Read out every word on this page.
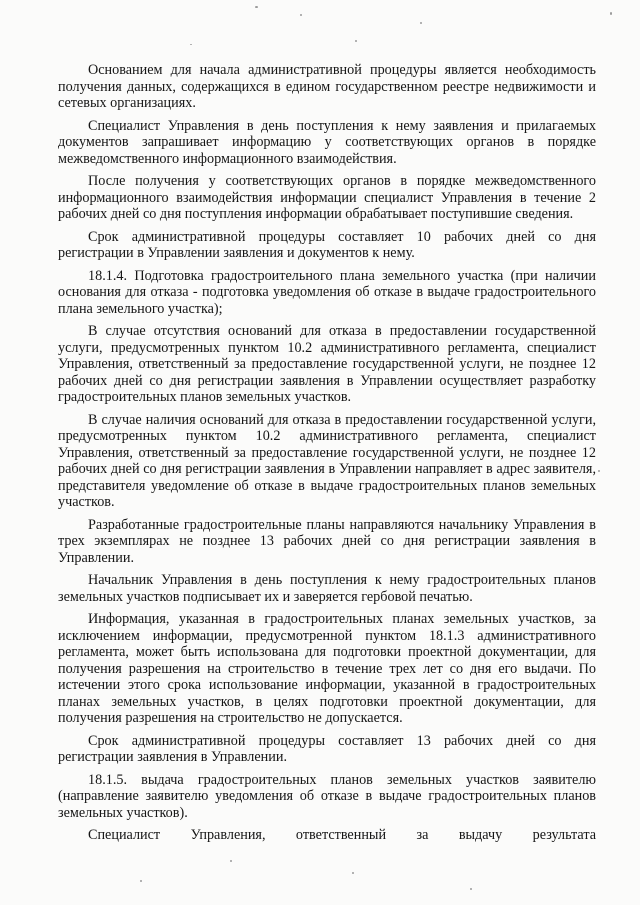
Основанием для начала административной процедуры является необходимость получения данных, содержащихся в едином государственном реестре недвижимости и сетевых организациях.

Специалист Управления в день поступления к нему заявления и прилагаемых документов запрашивает информацию у соответствующих органов в порядке межведомственного информационного взаимодействия.

После получения у соответствующих органов в порядке межведомственного информационного взаимодействия информации специалист Управления в течение 2 рабочих дней со дня поступления информации обрабатывает поступившие сведения.

Срок административной процедуры составляет 10 рабочих дней со дня регистрации в Управлении заявления и документов к нему.

18.1.4. Подготовка градостроительного плана земельного участка (при наличии основания для отказа - подготовка уведомления об отказе в выдаче градостроительного плана земельного участка);

В случае отсутствия оснований для отказа в предоставлении государственной услуги, предусмотренных пунктом 10.2 административного регламента, специалист Управления, ответственный за предоставление государственной услуги, не позднее 12 рабочих дней со дня регистрации заявления в Управлении осуществляет разработку градостроительных планов земельных участков.

В случае наличия оснований для отказа в предоставлении государственной услуги, предусмотренных пунктом 10.2 административного регламента, специалист Управления, ответственный за предоставление государственной услуги, не позднее 12 рабочих дней со дня регистрации заявления в Управлении направляет в адрес заявителя, представителя уведомление об отказе в выдаче градостроительных планов земельных участков.

Разработанные градостроительные планы направляются начальнику Управления в трех экземплярах не позднее 13 рабочих дней со дня регистрации заявления в Управлении.

Начальник Управления в день поступления к нему градостроительных планов земельных участков подписывает их и заверяется гербовой печатью.

Информация, указанная в градостроительных планах земельных участков, за исключением информации, предусмотренной пунктом 18.1.3 административного регламента, может быть использована для подготовки проектной документации, для получения разрешения на строительство в течение трех лет со дня его выдачи. По истечении этого срока использование информации, указанной в градостроительных планах земельных участков, в целях подготовки проектной документации, для получения разрешения на строительство не допускается.

Срок административной процедуры составляет 13 рабочих дней со дня регистрации заявления в Управлении.

18.1.5. выдача градостроительных планов земельных участков заявителю (направление заявителю уведомления об отказе в выдаче градостроительных планов земельных участков).

Специалист Управления, ответственный за выдачу результата
